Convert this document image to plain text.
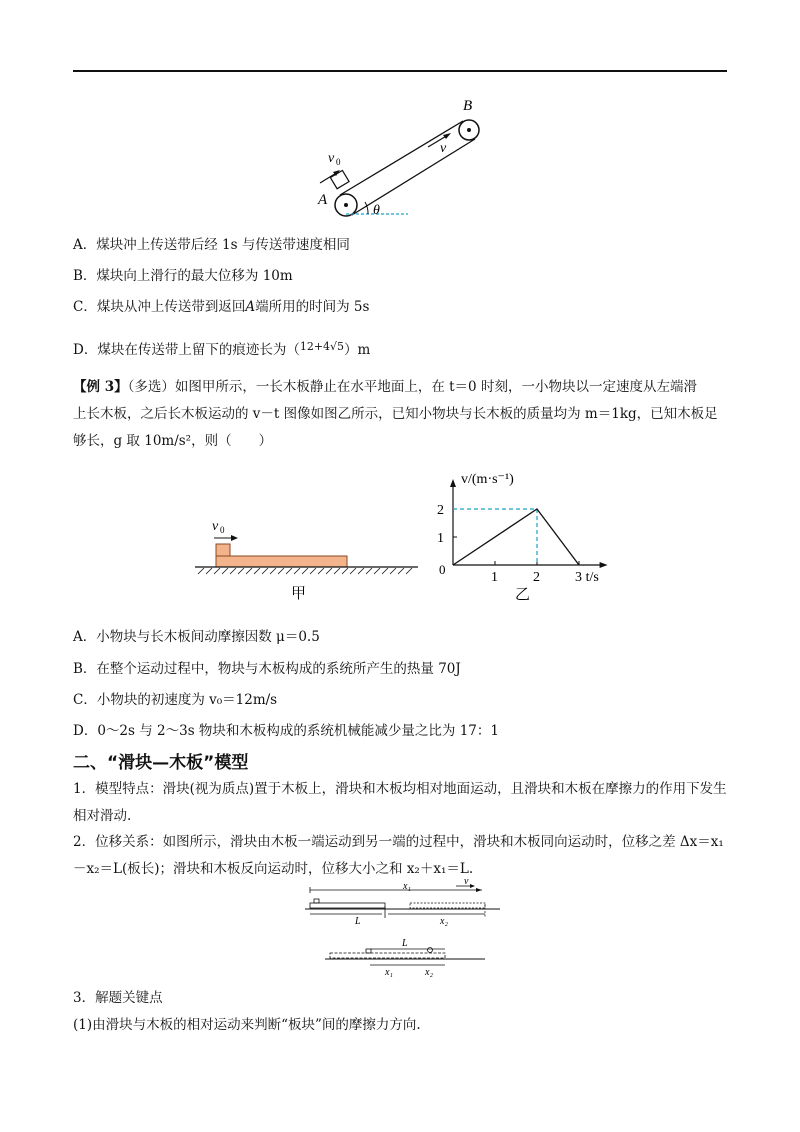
B
A
v 0
v
θ
A．煤块冲上传送带后经 1s 与传送带速度相同
B．煤块向上滑行的最大位移为 10m
C．煤块从冲上传送带到返回A端所用的时间为 5s
D．煤块在传送带上留下的痕迹长为（12+4√5）m
【例 3】（多选）如图甲所示，一长木板静止在水平地面上，在 t＝0 时刻，一小物块以一定速度从左端滑
上长木板，之后长木板运动的 v－t 图像如图乙所示，已知小物块与长木板的质量均为 m＝1kg，已知木板足
够长，g 取 10m/s²，则（　　）
v 0
甲
1	2	3
1
2
0
v/(m·s⁻¹)
t/s
乙
A．小物块与长木板间动摩擦因数 μ＝0.5
B．在整个运动过程中，物块与木板构成的系统所产生的热量 70J
C．小物块的初速度为 v₀＝12m/s
D．0～2s 与 2～3s 物块和木板构成的系统机械能减少量之比为 17：1
二、“滑块—木板”模型
1．模型特点：滑块(视为质点)置于木板上，滑块和木板均相对地面运动，且滑块和木板在摩擦力的作用下发生相对滑动.
2．位移关系：如图所示，滑块由木板一端运动到另一端的过程中，滑块和木板同向运动时，位移之差 Δx＝x₁－x₂＝L(板长)；滑块和木板反向运动时，位移大小之和 x₂＋x₁＝L.
x₁	v
L	x₂
L
x₁	x₂
3．解题关键点
(1)由滑块与木板的相对运动来判断“板块”间的摩擦力方向.
